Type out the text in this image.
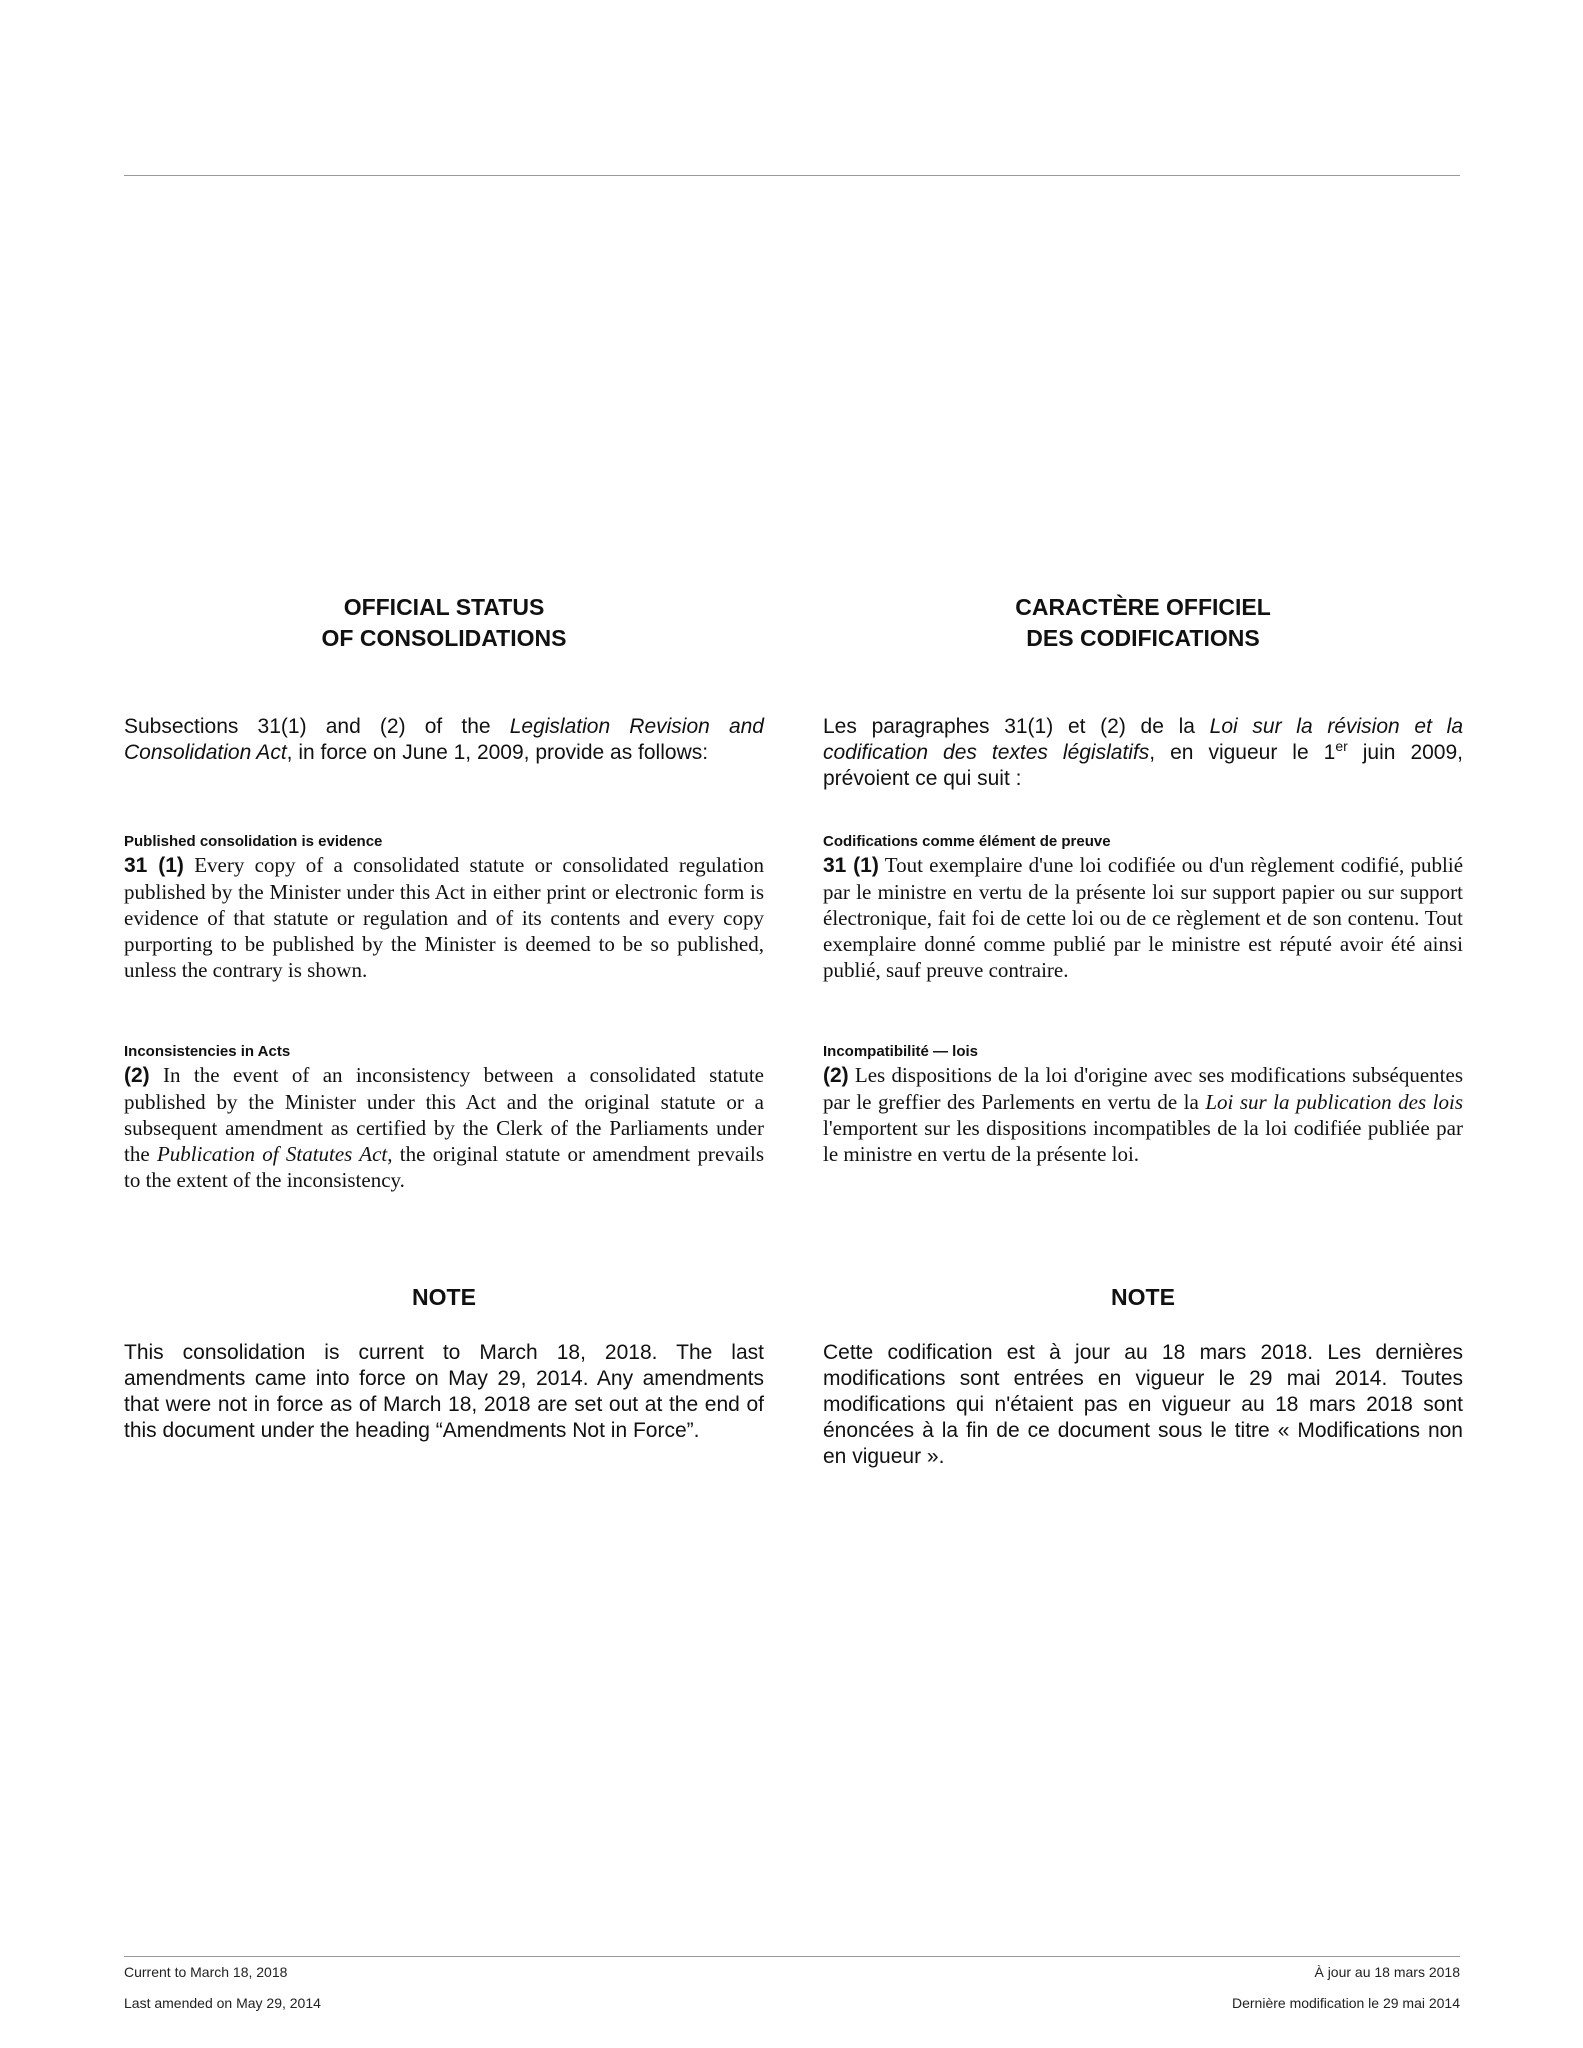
OFFICIAL STATUS
OF CONSOLIDATIONS
Subsections 31(1) and (2) of the Legislation Revision and Consolidation Act, in force on June 1, 2009, provide as follows:
Published consolidation is evidence
31 (1) Every copy of a consolidated statute or consolidated regulation published by the Minister under this Act in either print or electronic form is evidence of that statute or regulation and of its contents and every copy purporting to be published by the Minister is deemed to be so published, unless the contrary is shown.
Inconsistencies in Acts
(2) In the event of an inconsistency between a consolidated statute published by the Minister under this Act and the original statute or a subsequent amendment as certified by the Clerk of the Parliaments under the Publication of Statutes Act, the original statute or amendment prevails to the extent of the inconsistency.
NOTE
This consolidation is current to March 18, 2018. The last amendments came into force on May 29, 2014. Any amendments that were not in force as of March 18, 2018 are set out at the end of this document under the heading “Amendments Not in Force”.
CARACTÈRE OFFICIEL
DES CODIFICATIONS
Les paragraphes 31(1) et (2) de la Loi sur la révision et la codification des textes législatifs, en vigueur le 1er juin 2009, prévoient ce qui suit :
Codifications comme élément de preuve
31 (1) Tout exemplaire d'une loi codifiée ou d'un règlement codifié, publié par le ministre en vertu de la présente loi sur support papier ou sur support électronique, fait foi de cette loi ou de ce règlement et de son contenu. Tout exemplaire donné comme publié par le ministre est réputé avoir été ainsi publié, sauf preuve contraire.
Incompatibilité — lois
(2) Les dispositions de la loi d'origine avec ses modifications subséquentes par le greffier des Parlements en vertu de la Loi sur la publication des lois l'emportent sur les dispositions incompatibles de la loi codifiée publiée par le ministre en vertu de la présente loi.
NOTE
Cette codification est à jour au 18 mars 2018. Les dernières modifications sont entrées en vigueur le 29 mai 2014. Toutes modifications qui n'étaient pas en vigueur au 18 mars 2018 sont énoncées à la fin de ce document sous le titre « Modifications non en vigueur ».
Current to March 18, 2018
Last amended on May 29, 2014
À jour au 18 mars 2018
Dernière modification le 29 mai 2014
